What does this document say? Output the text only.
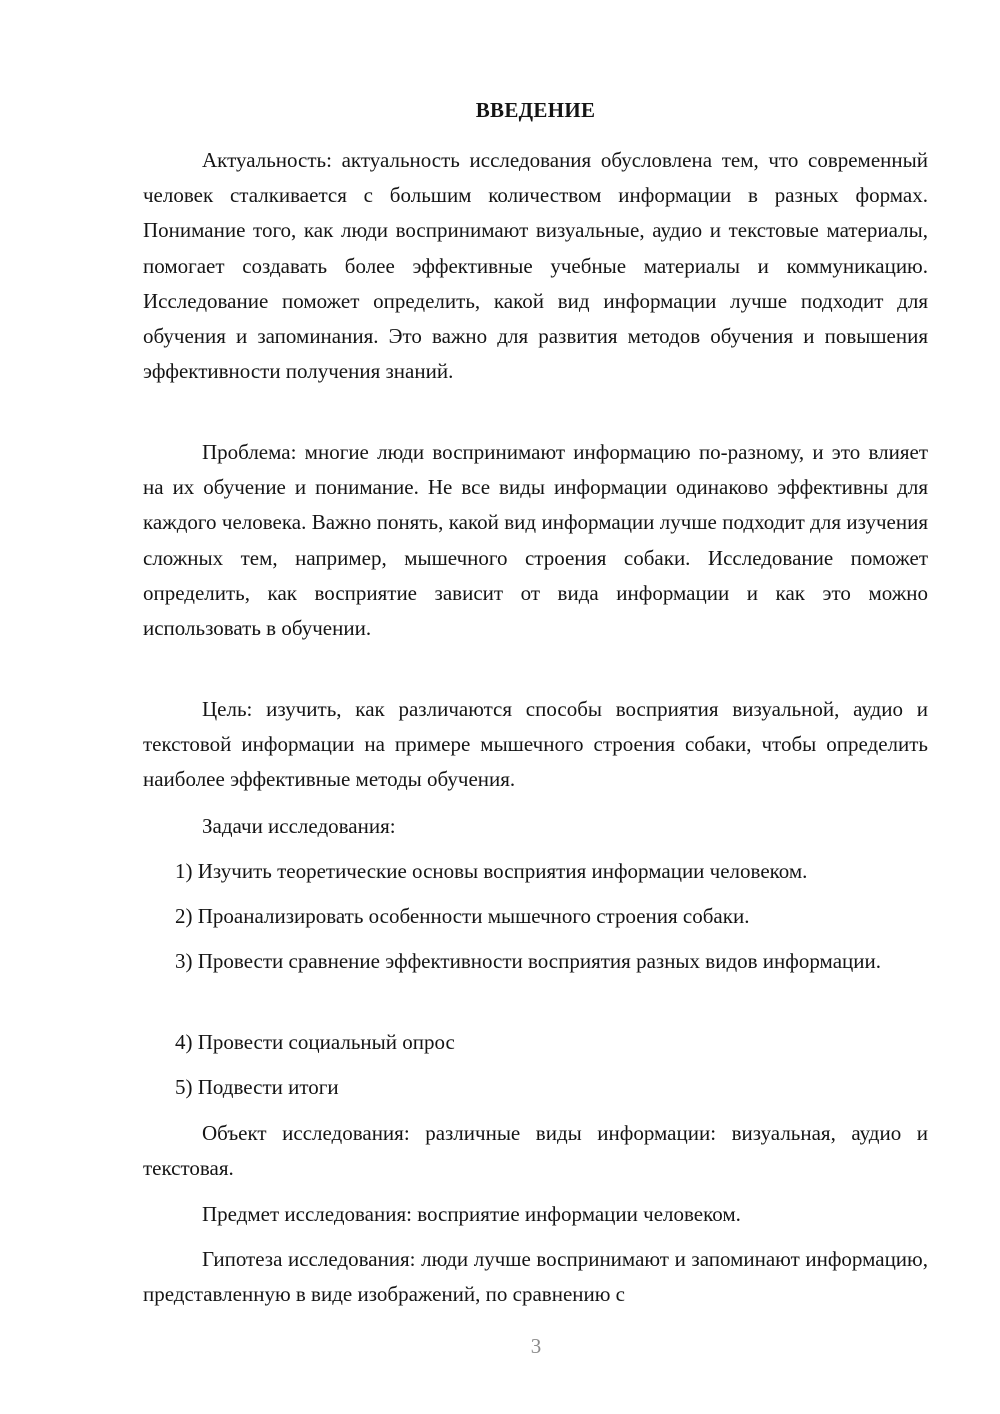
ВВЕДЕНИЕ

Актуальность: актуальность исследования обусловлена тем, что современный человек сталкивается с большим количеством информации в разных формах. Понимание того, как люди воспринимают визуальные, аудио и текстовые материалы, помогает создавать более эффективные учебные материалы и коммуникацию. Исследование поможет определить, какой вид информации лучше подходит для обучения и запоминания. Это важно для развития методов обучения и повышения эффективности получения знаний.

Проблема: многие люди воспринимают информацию по-разному, и это влияет на их обучение и понимание. Не все виды информации одинаково эффективны для каждого человека. Важно понять, какой вид информации лучше подходит для изучения сложных тем, например, мышечного строения собаки. Исследование поможет определить, как восприятие зависит от вида информации и как это можно использовать в обучении.

Цель: изучить, как различаются способы восприятия визуальной, аудио и текстовой информации на примере мышечного строения собаки, чтобы определить наиболее эффективные методы обучения.

Задачи исследования:

1) Изучить теоретические основы восприятия информации человеком.

2) Проанализировать особенности мышечного строения собаки.

3) Провести сравнение эффективности восприятия разных видов информации.

4) Провести социальный опрос

5) Подвести итоги

Объект исследования: различные виды информации: визуальная, аудио и текстовая.

Предмет исследования: восприятие информации человеком.

Гипотеза исследования: люди лучше воспринимают и запоминают информацию, представленную в виде изображений, по сравнению с

3
